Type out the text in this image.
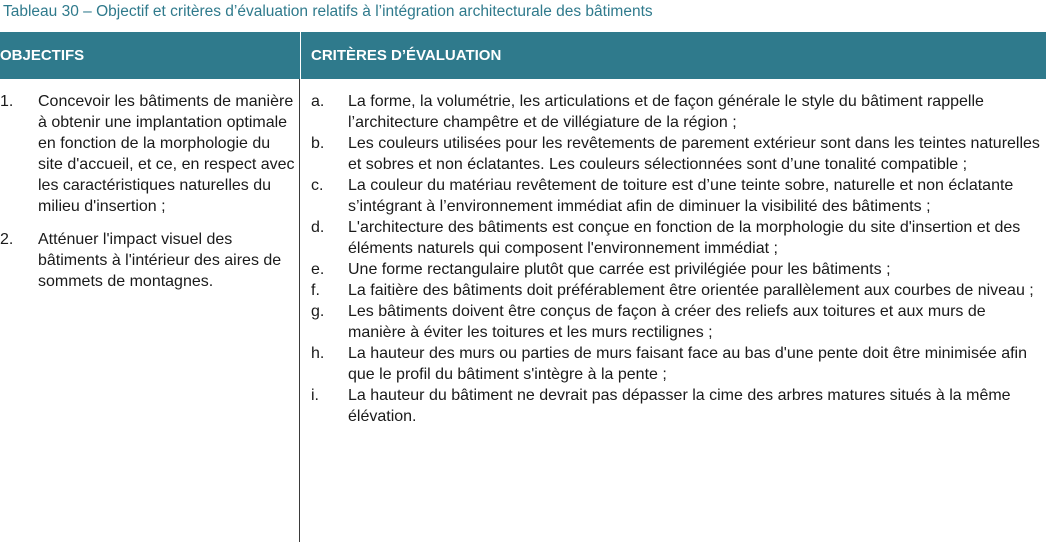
Tableau 30 – Objectif et critères d’évaluation relatifs à l’intégration architecturale des bâtiments
OBJECTIFS	CRITÈRES D’ÉVALUATION
1. Concevoir les bâtiments de manière à obtenir une implantation optimale en fonction de la morphologie du site d'accueil, et ce, en respect avec les caractéristiques naturelles du milieu d'insertion ;
2. Atténuer l'impact visuel des bâtiments à l'intérieur des aires de sommets de montagnes.
a. La forme, la volumétrie, les articulations et de façon générale le style du bâtiment rappelle l’architecture champêtre et de villégiature de la région ;
b. Les couleurs utilisées pour les revêtements de parement extérieur sont dans les teintes naturelles et sobres et non éclatantes. Les couleurs sélectionnées sont d’une tonalité compatible ;
c. La couleur du matériau revêtement de toiture est d’une teinte sobre, naturelle et non éclatante s’intégrant à l’environnement immédiat afin de diminuer la visibilité des bâtiments ;
d. L'architecture des bâtiments est conçue en fonction de la morphologie du site d'insertion et des éléments naturels qui composent l'environnement immédiat ;
e. Une forme rectangulaire plutôt que carrée est privilégiée pour les bâtiments ;
f. La faitière des bâtiments doit préférablement être orientée parallèlement aux courbes de niveau ;
g. Les bâtiments doivent être conçus de façon à créer des reliefs aux toitures et aux murs de manière à éviter les toitures et les murs rectilignes ;
h. La hauteur des murs ou parties de murs faisant face au bas d'une pente doit être minimisée afin que le profil du bâtiment s'intègre à la pente ;
i. La hauteur du bâtiment ne devrait pas dépasser la cime des arbres matures situés à la même élévation.
